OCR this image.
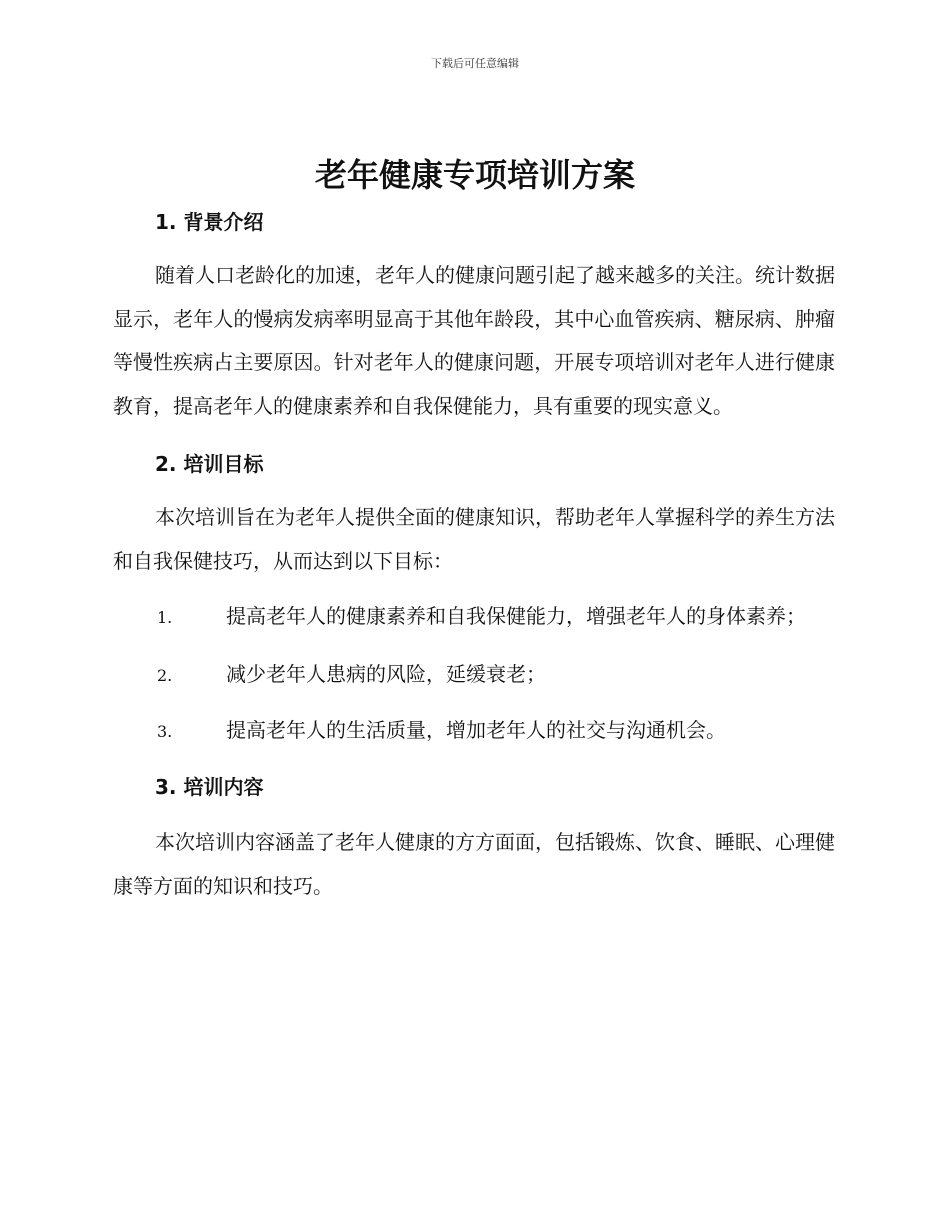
下载后可任意编辑
老年健康专项培训方案
1. 背景介绍

随着人口老龄化的加速，老年人的健康问题引起了越来越多的关注。统计数据显示，老年人的慢病发病率明显高于其他年龄段，其中心血管疾病、糖尿病、肿瘤等慢性疾病占主要原因。针对老年人的健康问题，开展专项培训对老年人进行健康教育，提高老年人的健康素养和自我保健能力，具有重要的现实意义。

2. 培训目标

本次培训旨在为老年人提供全面的健康知识，帮助老年人掌握科学的养生方法和自我保健技巧，从而达到以下目标：

1.	提高老年人的健康素养和自我保健能力，增强老年人的身体素养；

2.	减少老年人患病的风险，延缓衰老；

3.	提高老年人的生活质量，增加老年人的社交与沟通机会。

3. 培训内容

本次培训内容涵盖了老年人健康的方方面面，包括锻炼、饮食、睡眠、心理健康等方面的知识和技巧。
